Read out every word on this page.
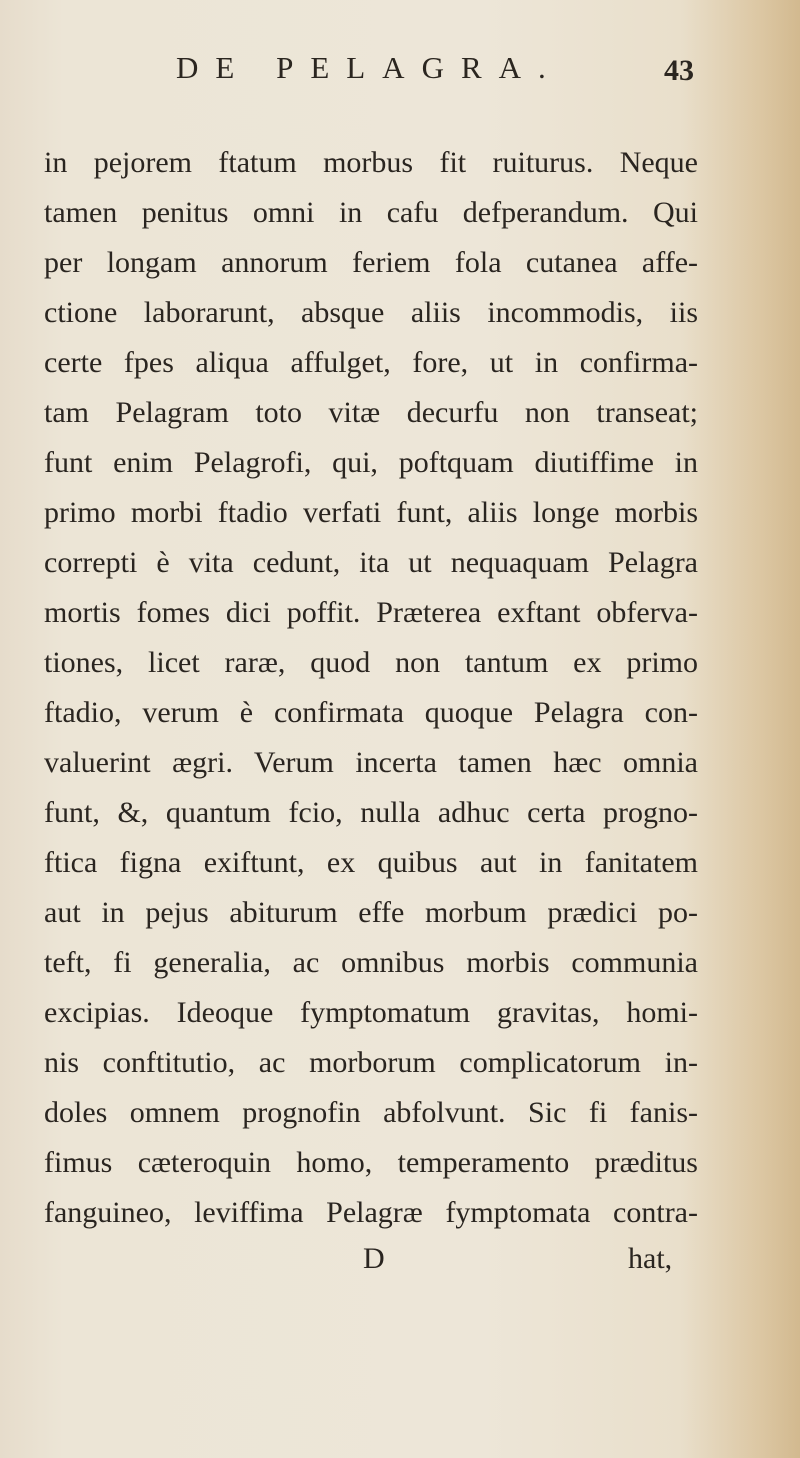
DE PELAGRA.	43
in pejorem ftatum morbus fit ruiturus. Neque
tamen penitus omni in cafu defperandum. Qui
per longam annorum feriem fola cutanea affe-
ctione laborarunt, absque aliis incommodis, iis
certe fpes aliqua affulget, fore, ut in confirma-
tam Pelagram toto vitæ decurfu non transeat;
funt enim Pelagrofi, qui, poftquam diutiffime in
primo morbi ftadio verfati funt, aliis longe morbis
correpti è vita cedunt, ita ut nequaquam Pelagra
mortis fomes dici poffit. Præterea exftant obferva-
tiones, licet raræ, quod non tantum ex primo
ftadio, verum è confirmata quoque Pelagra con-
valuerint ægri. Verum incerta tamen hæc omnia
funt, &, quantum fcio, nulla adhuc certa progno-
ftica figna exiftunt, ex quibus aut in fanitatem
aut in pejus abiturum effe morbum prædici po-
teft, fi generalia, ac omnibus morbis communia
excipias. Ideoque fymptomatum gravitas, homi-
nis conftitutio, ac morborum complicatorum in-
doles omnem prognofin abfolvunt. Sic fi fanis-
fimus cæteroquin homo, temperamento præditus
fanguineo, leviffima Pelagræ fymptomata contra-
D	hat,
